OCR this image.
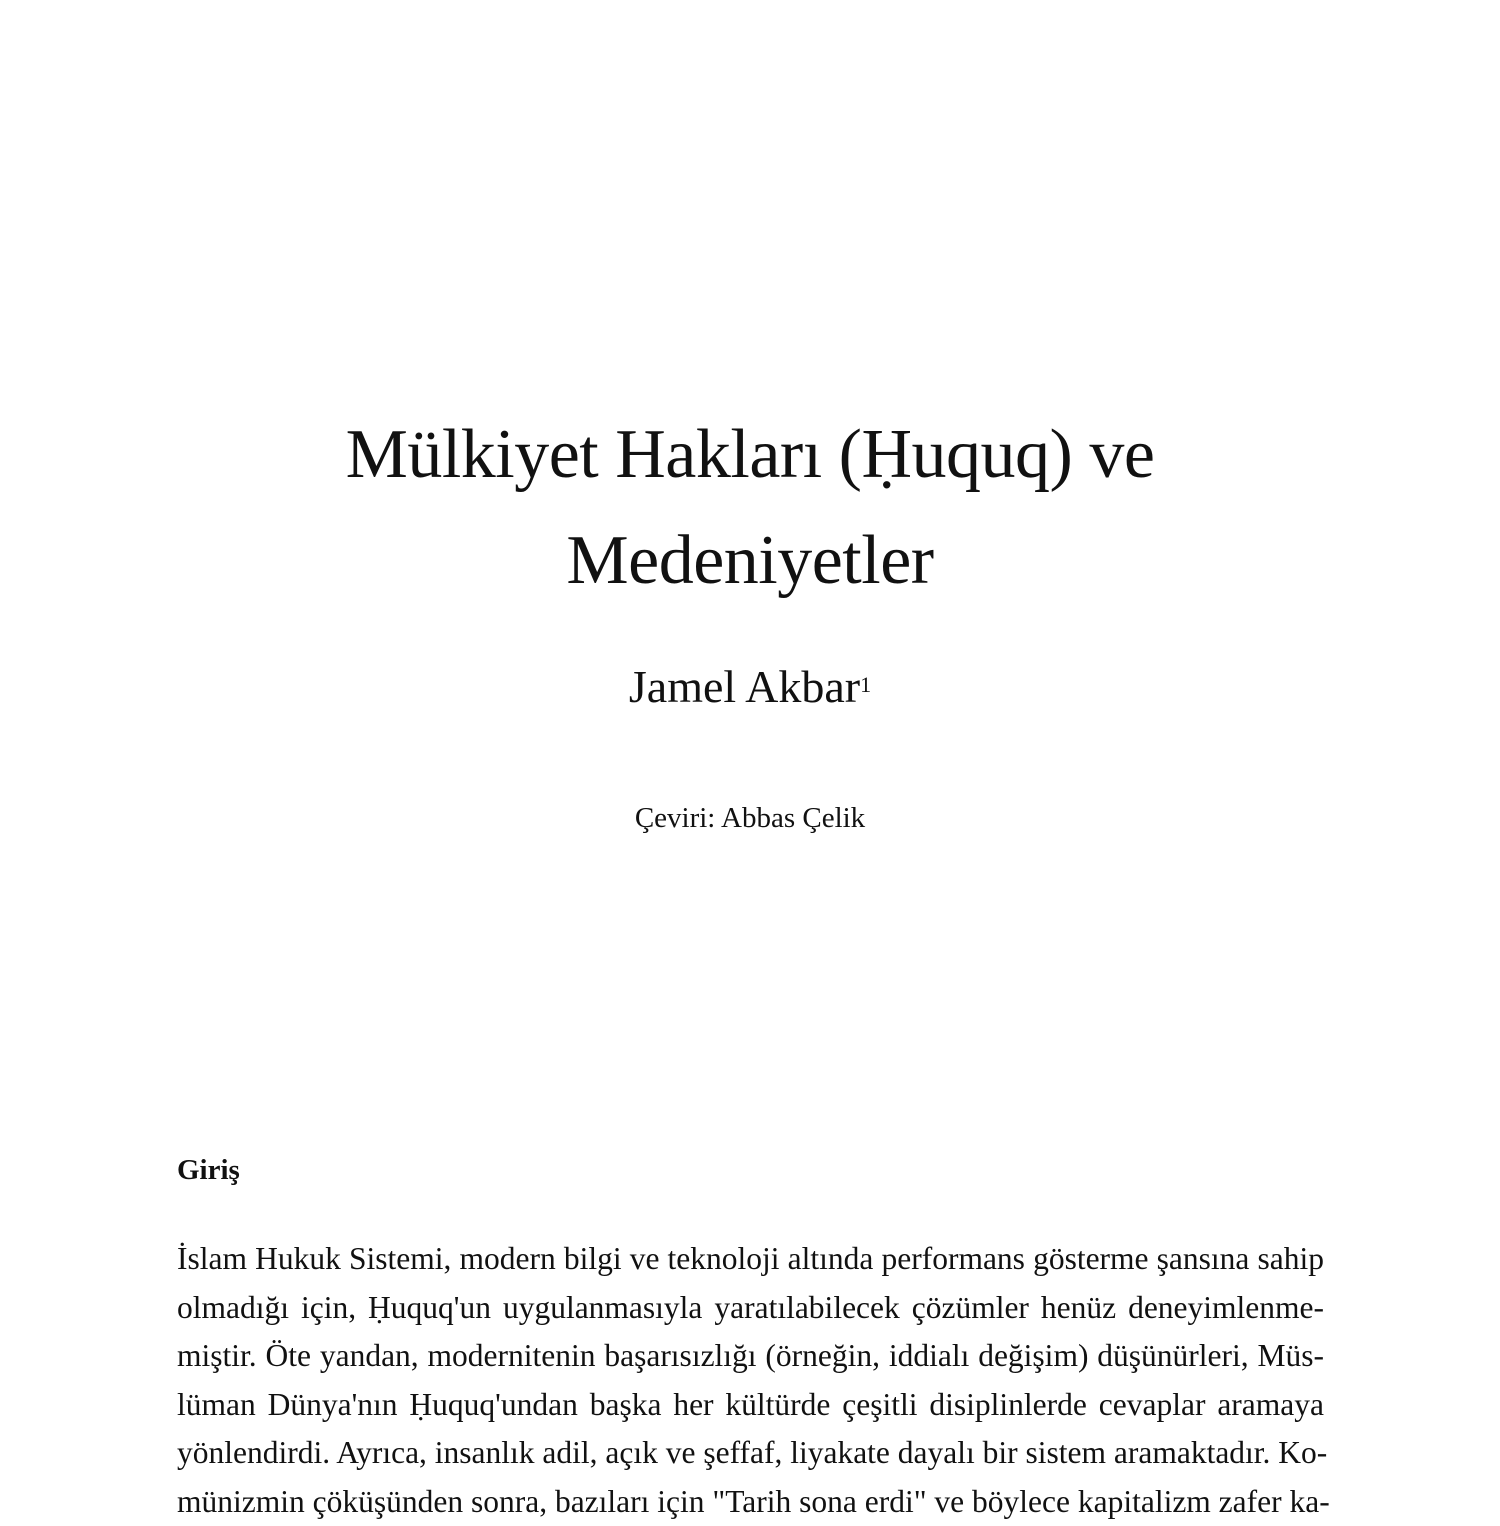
Mülkiyet Hakları (Ḥuquq) ve
Medeniyetler
Jamel Akbar$^1$
Çeviri: Abbas Çelik
Giriş

İslam Hukuk Sistemi, modern bilgi ve teknoloji altında performans gösterme şansına sahip
olmadığı için, Ḥuquq'un uygulanmasıyla yaratılabilecek çözümler henüz deneyimlenme-
miştir. Öte yandan, modernitenin başarısızlığı (örneğin, iddialı değişim) düşünürleri, Müs-
lüman Dünya'nın Ḥuquq'undan başka her kültürde çeşitli disiplinlerde cevaplar aramaya
yönlendirdi. Ayrıca, insanlık adil, açık ve şeffaf, liyakate dayalı bir sistem aramaktadır. Ko-
münizmin çöküşünden sonra, bazıları için "Tarih sona erdi" ve böylece kapitalizm zafer ka-
